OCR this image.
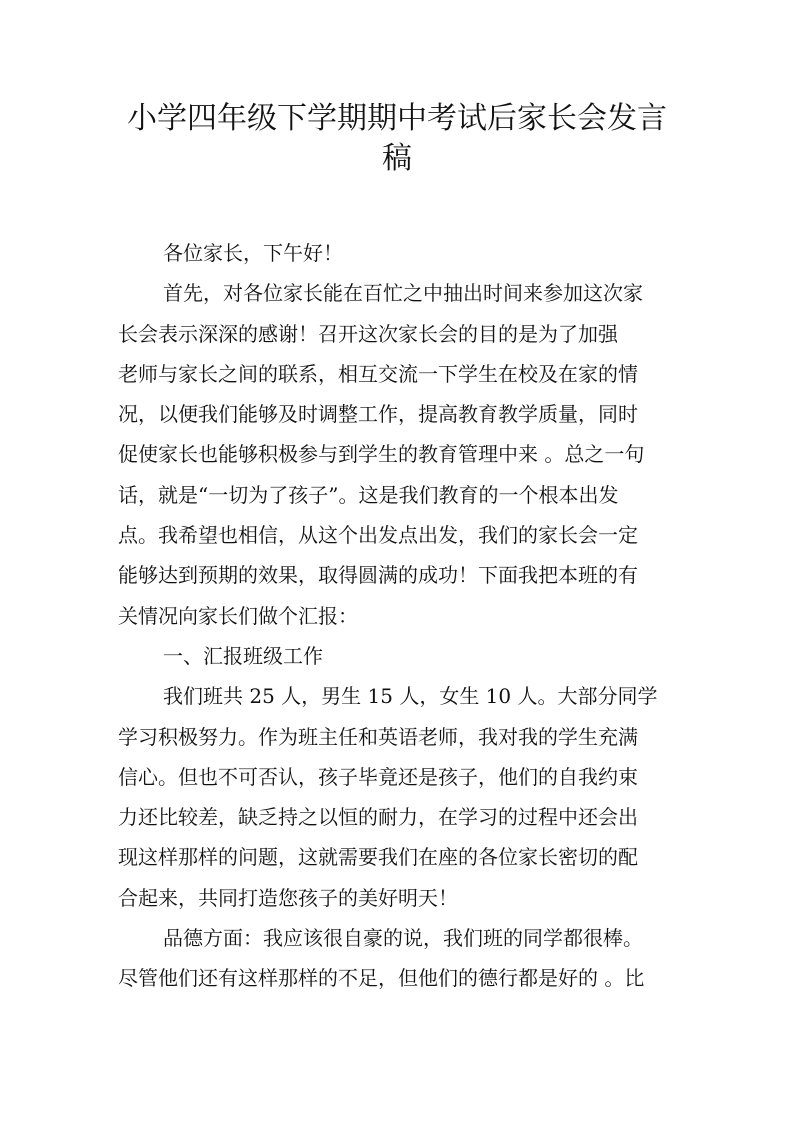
小学四年级下学期期中考试后家长会发言
稿
各位家长，下午好！
首先，对各位家长能在百忙之中抽出时间来参加这次家
长会表示深深的感谢！召开这次家长会的目的是为了加强
老师与家长之间的联系，相互交流一下学生在校及在家的情
况，以便我们能够及时调整工作，提高教育教学质量，同时
促使家长也能够积极参与到学生的教育管理中来 。总之一句
话，就是“一切为了孩子”。这是我们教育的一个根本出发
点。我希望也相信，从这个出发点出发，我们的家长会一定
能够达到预期的效果，取得圆满的成功！下面我把本班的有
关情况向家长们做个汇报：
一、汇报班级工作
我们班共 25 人，男生 15 人，女生 10 人。大部分同学
学习积极努力。作为班主任和英语老师，我对我的学生充满
信心。但也不可否认，孩子毕竟还是孩子，他们的自我约束
力还比较差，缺乏持之以恒的耐力，在学习的过程中还会出
现这样那样的问题，这就需要我们在座的各位家长密切的配
合起来，共同打造您孩子的美好明天！
品德方面：我应该很自豪的说，我们班的同学都很棒。
尽管他们还有这样那样的不足，但他们的德行都是好的 。比
